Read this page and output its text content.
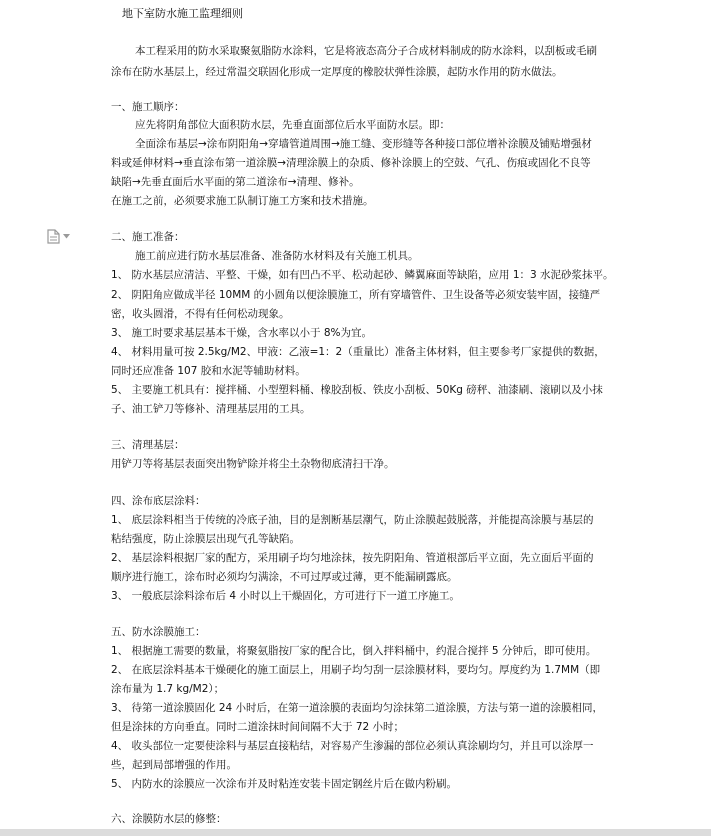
地下室防水施工监理细则
本工程采用的防水采取聚氨脂防水涂料，它是将液态高分子合成材料制成的防水涂料，以刮板或毛刷
涂布在防水基层上，经过常温交联固化形成一定厚度的橡胶状弹性涂膜，起防水作用的防水做法。
一、施工顺序：
应先将阴角部位大面积防水层，先垂直面部位后水平面防水层。即：
全面涂布基层→涂布阴阳角→穿墙管道周围→施工缝、变形缝等各种接口部位增补涂膜及铺贴增强材
料或延伸材料→垂直涂布第一道涂膜→清理涂膜上的杂质、修补涂膜上的空鼓、气孔、伤痕或固化不良等
缺陷→先垂直面后水平面的第二道涂布→清理、修补。
在施工之前，必须要求施工队制订施工方案和技术措施。
二、施工准备：
施工前应进行防水基层准备、准备防水材料及有关施工机具。
1、 防水基层应清洁、平整、干燥，如有凹凸不平、松动起砂、鳞翼麻面等缺陷，应用 1：3 水泥砂浆抹平。
2、 阴阳角应做成半径 10MM 的小圆角以便涂膜施工，所有穿墙管件、卫生设备等必须安装牢固，接缝严
密，收头圆滑，不得有任何松动现象。
3、 施工时要求基层基本干燥，含水率以小于 8%为宜。
4、 材料用量可按 2.5kg/M2、甲液：乙液=1：2（重量比）准备主体材料，但主要参考厂家提供的数据，
同时还应准备 107 胶和水泥等辅助材料。
5、 主要施工机具有：搅拌桶、小型塑料桶、橡胶刮板、铁皮小刮板、50Kg 磅秤、油漆刷、滚刷以及小抹
子、油工铲刀等修补、清理基层用的工具。
三、清理基层：
用铲刀等将基层表面突出物铲除并将尘土杂物彻底清扫干净。
四、涂布底层涂料：
1、 底层涂料相当于传统的冷底子油，目的是割断基层潮气，防止涂膜起鼓脱落，并能提高涂膜与基层的
粘结强度，防止涂膜层出现气孔等缺陷。
2、 基层涂料根据厂家的配方，采用刷子均匀地涂抹，按先阴阳角、管道根部后平立面，先立面后平面的
顺序进行施工，涂布时必须均匀满涂，不可过厚或过薄，更不能漏刷露底。
3、 一般底层涂料涂布后 4 小时以上干燥固化，方可进行下一道工序施工。
五、防水涂膜施工：
1、 根据施工需要的数量，将聚氨脂按厂家的配合比，倒入拌料桶中，约混合搅拌 5 分钟后，即可使用。
2、 在底层涂料基本干燥硬化的施工面层上，用刷子均匀刮一层涂膜材料，要均匀。厚度约为 1.7MM（即
涂布量为 1.7 kg/M2）；
3、 待第一道涂膜固化 24 小时后，在第一道涂膜的表面均匀涂抹第二道涂膜，方法与第一道的涂膜相同，
但是涂抹的方向垂直。同时二道涂抹时间间隔不大于 72 小时；
4、 收头部位一定要使涂料与基层直接粘结，对容易产生渗漏的部位必须认真涂刷均匀，并且可以涂厚一
些，起到局部增强的作用。
5、 内防水的涂膜应一次涂布并及时粘连安装卡固定钢丝片后在做内粉刷。
六、涂膜防水层的修整：
